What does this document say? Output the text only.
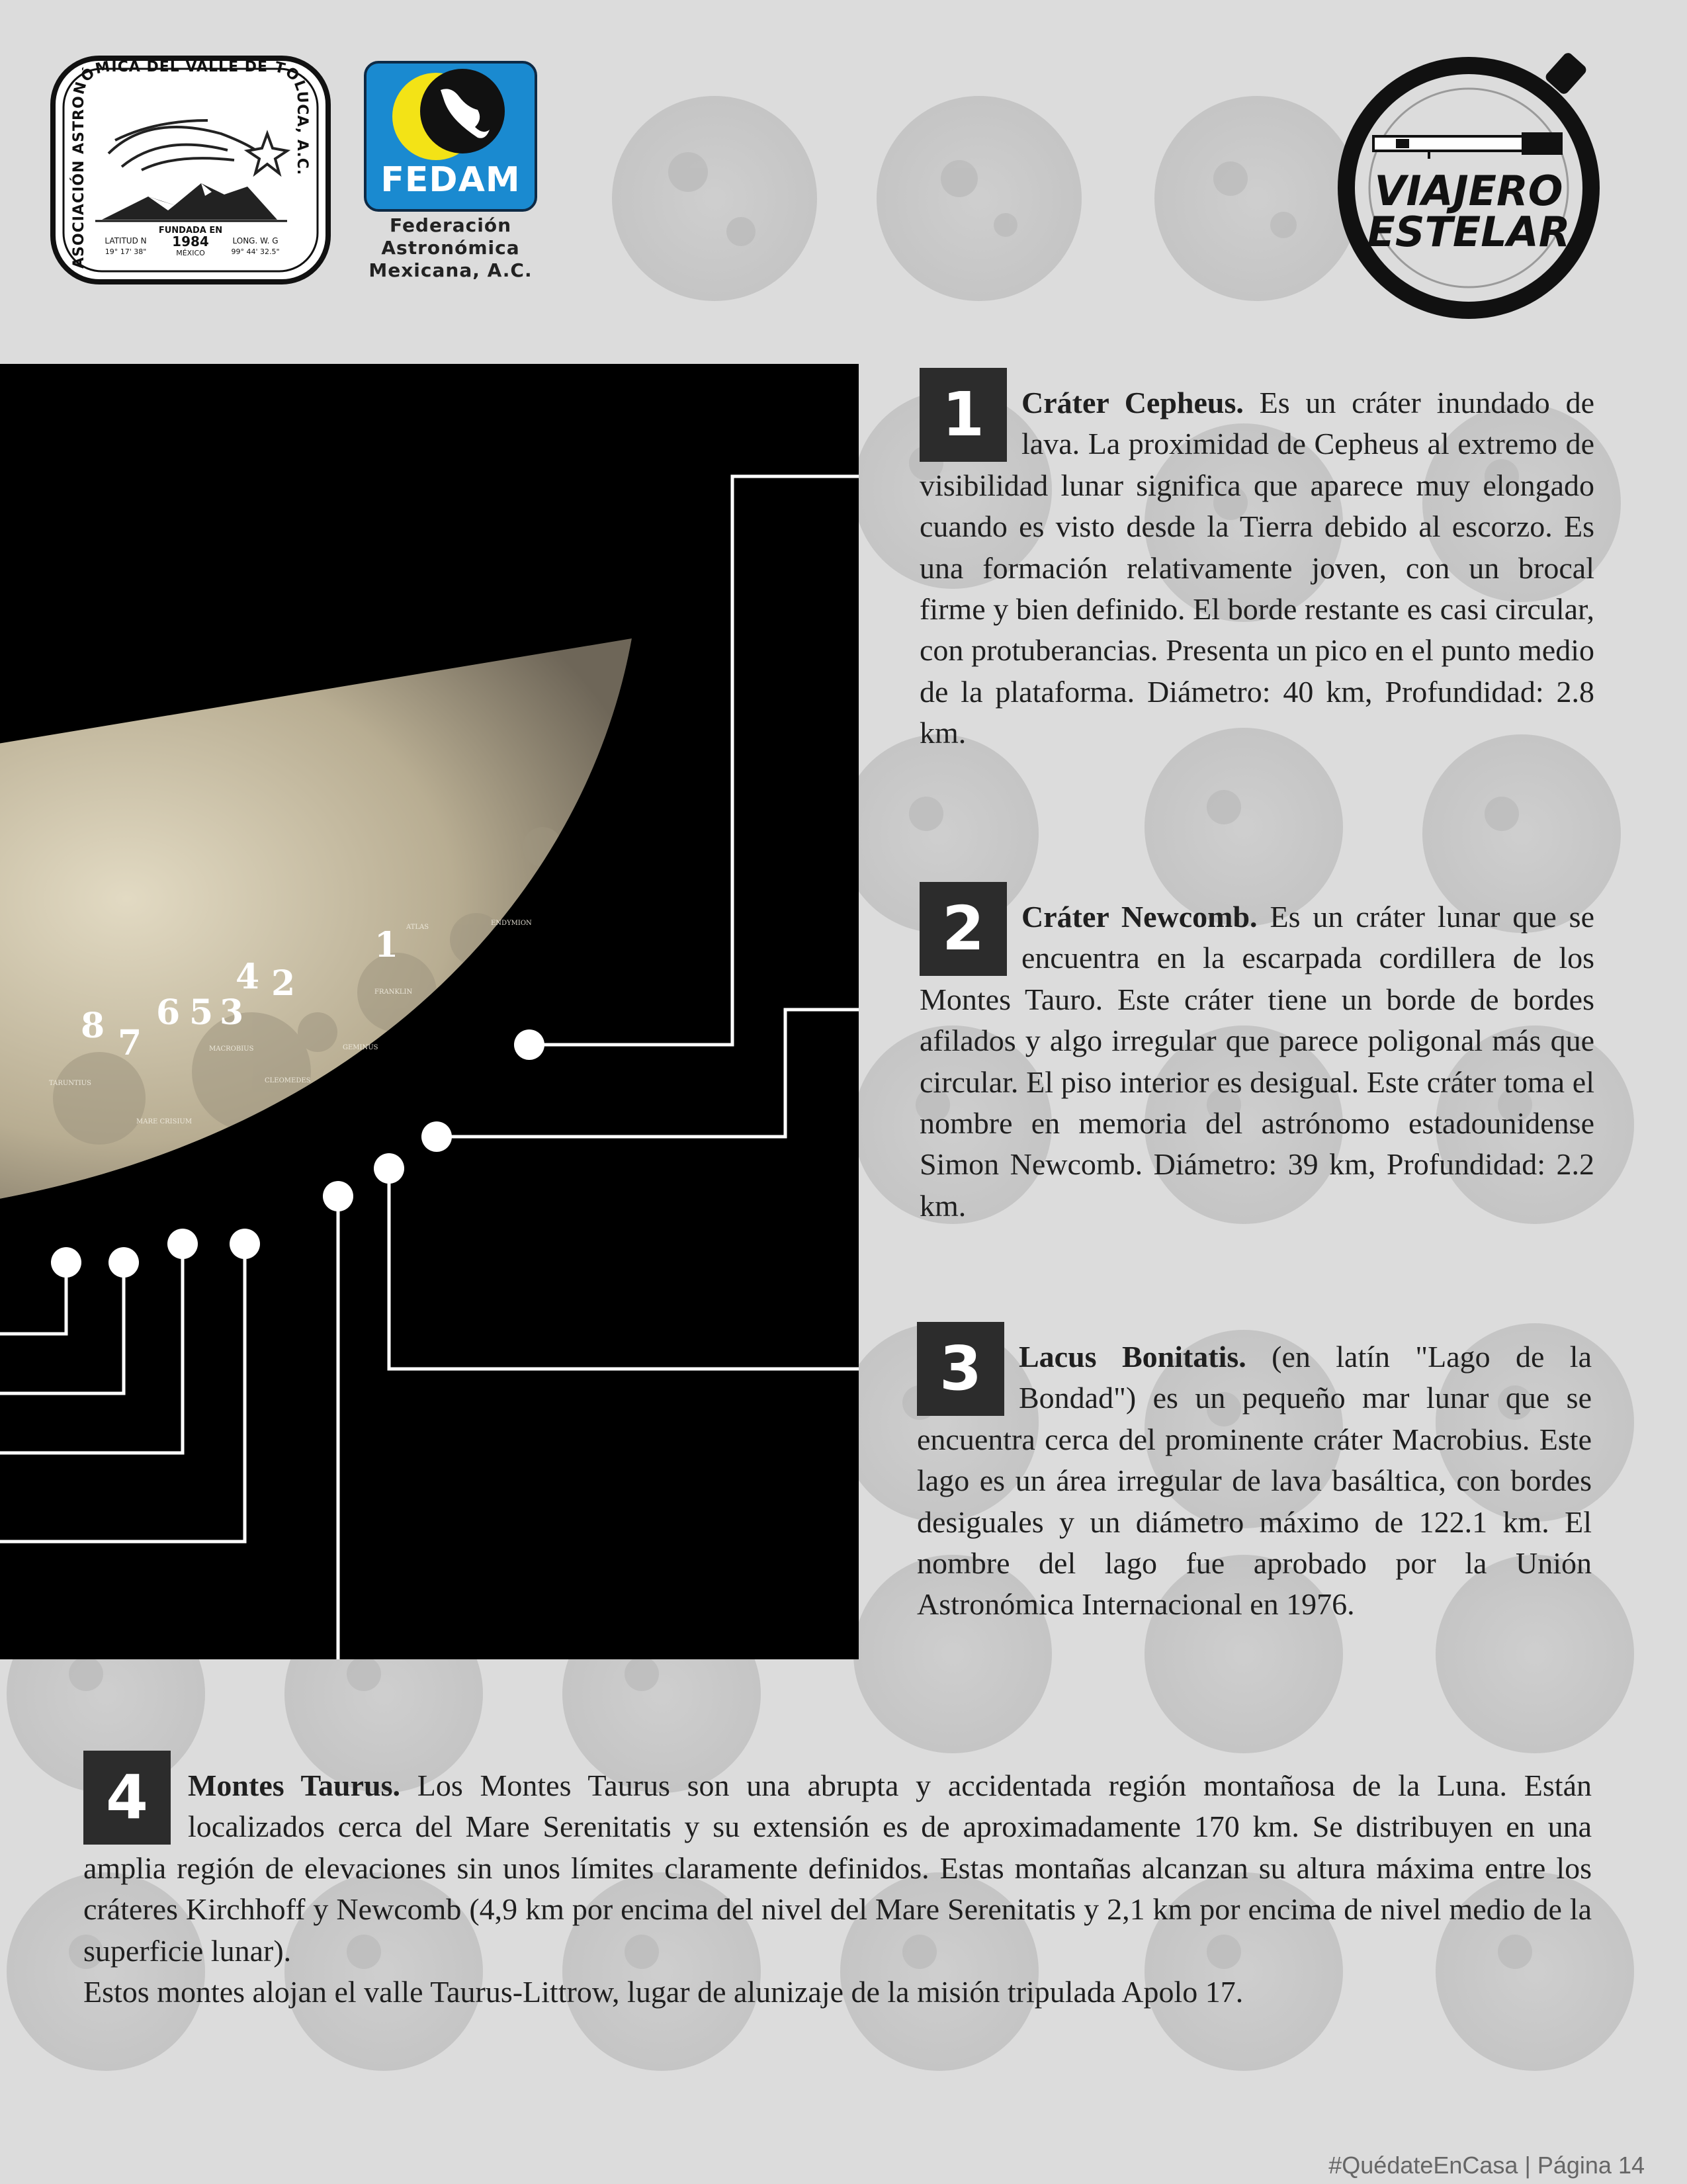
ASOCIACIÓN ASTRONÓMICA DEL VALLE DE TOLUCA, A.C.
FUNDADA EN
1984
MÉXICO
LATITUD N
19° 17' 38"
LONG. W. G
99° 44' 32.5"
FEDAM
Federación
Astronómica
Mexicana, A.C.
VIAJERO
ESTELAR
1
2
3
4
5
6
7
8
ATLAS
ENDYMION
FRANKLIN
MACROBIUS	GEMINUS
TARUNTIUS	CLEOMEDES
MARE CRISIUM
1	Cráter Cepheus. Es un cráter inundado de lava. La proximidad de Cepheus al extremo de visibilidad lunar significa que aparece muy elongado cuando es visto desde la Tierra debido al escorzo. Es una formación relativamente joven, con un brocal firme y bien definido. El borde restante es casi circular, con protuberancias. Presenta un pico en el punto medio de la plataforma. Diámetro: 40 km, Profundidad: 2.8 km.

2	Cráter Newcomb. Es un cráter lunar que se encuentra en la escarpada cordillera de los Montes Tauro. Este cráter tiene un borde de bordes afilados y algo irregular que parece poligonal más que circular. El piso interior es desigual. Este cráter toma el nombre en memoria del astrónomo estadounidense Simon Newcomb. Diámetro: 39 km, Profundidad: 2.2 km.

3	Lacus Bonitatis. (en latín "Lago de la Bondad") es un pequeño mar lunar que se encuentra cerca del prominente cráter Macrobius. Este lago es un área irregular de lava basáltica, con bordes desiguales y un diámetro máximo de 122.1 km. El nombre del lago fue aprobado por la Unión Astronómica Internacional en 1976.

4	Montes Taurus. Los Montes Taurus son una abrupta y accidentada región montañosa de la Luna. Están localizados cerca del Mare Serenitatis y su extensión es de aproximadamente 170 km. Se distribuyen en una amplia región de elevaciones sin unos límites claramente definidos. Estas montañas alcanzan su altura máxima entre los cráteres Kirchhoff y Newcomb (4,9 km por encima del nivel del Mare Serenitatis y 2,1 km por encima de nivel medio de la superficie lunar).

Estos montes alojan el valle Taurus-Littrow, lugar de alunizaje de la misión tripulada Apolo 17.

#QuédateEnCasa | Página 14
